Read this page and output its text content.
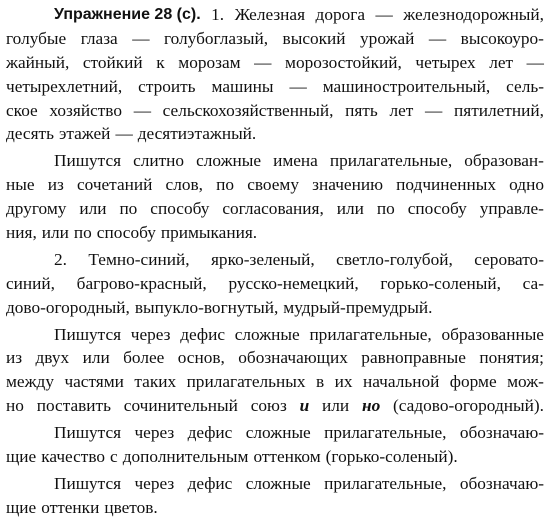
Упражнение 28 (с). 1. Железная дорога — железнодорожный,
голубые глаза — голубоглазый, высокий урожай — высокоуро-
жайный, стойкий к морозам — морозостойкий, четырех лет —
четырехлетний, строить машины — машиностроительный, сель-
ское хозяйство — сельскохозяйственный, пять лет — пятилетний,
десять этажей — десятиэтажный.
Пишутся слитно сложные имена прилагательные, образован-
ные из сочетаний слов, по своему значению подчиненных одно
другому или по способу согласования, или по способу управле-
ния, или по способу примыкания.
2. Темно-синий, ярко-зеленый, светло-голубой, серовато-
синий, багрово-красный, русско-немецкий, горько-соленый, са-
дово-огородный, выпукло-вогнутый, мудрый-премудрый.
Пишутся через дефис сложные прилагательные, образованные
из двух или более основ, обозначающих равноправные понятия;
между частями таких прилагательных в их начальной форме мож-
но поставить сочинительный союз и или но (садово-огородный).
Пишутся через дефис сложные прилагательные, обозначаю-
щие качество с дополнительным оттенком (горько-соленый).
Пишутся через дефис сложные прилагательные, обозначаю-
щие оттенки цветов.
